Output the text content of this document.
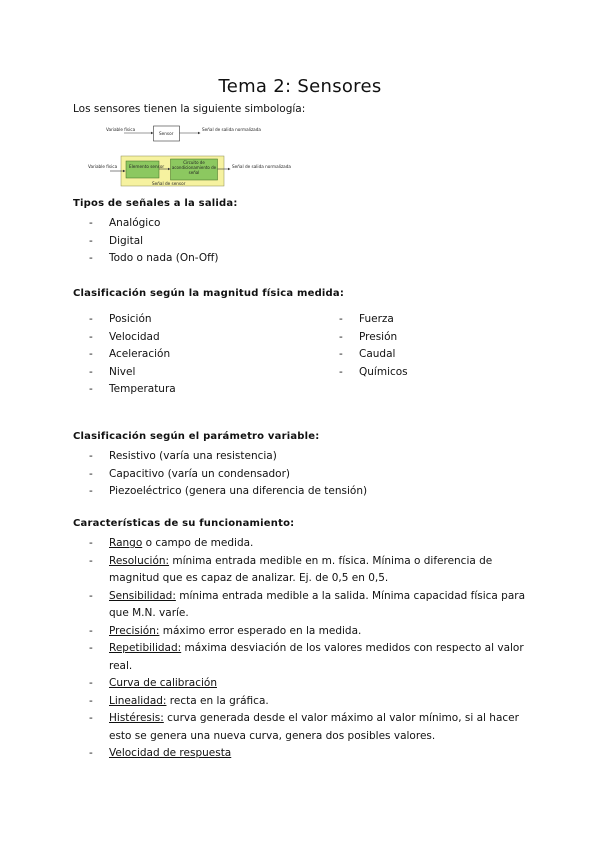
Tema 2: Sensores
Los sensores tienen la siguiente simbología:
Variable física
Sensor
Señal de salida normalizada
Variable física	Elemento sensor
Circuito de acondicionamiento de señal
Señal de salida normalizada
Señal de sensor
Tipos de señales a la salida:
- Analógico
- Digital
- Todo o nada (On-Off)
Clasificación según la magnitud física medida:
- Posición
- Velocidad
- Aceleración
- Nivel
- Temperatura
- Fuerza
- Presión
- Caudal
- Químicos
Clasificación según el parámetro variable:
- Resistivo (varía una resistencia)
- Capacitivo (varía un condensador)
- Piezoeléctrico (genera una diferencia de tensión)
Características de su funcionamiento:
- Rango o campo de medida.
- Resolución: mínima entrada medible en m. física. Mínima o diferencia de magnitud que es capaz de analizar. Ej. de 0,5 en 0,5.
- Sensibilidad: mínima entrada medible a la salida. Mínima capacidad física para que M.N. varíe.
- Precisión: máximo error esperado en la medida.
- Repetibilidad: máxima desviación de los valores medidos con respecto al valor real.
- Curva de calibración
- Linealidad: recta en la gráfica.
- Histéresis: curva generada desde el valor máximo al valor mínimo, si al hacer esto se genera una nueva curva, genera dos posibles valores.
- Velocidad de respuesta
